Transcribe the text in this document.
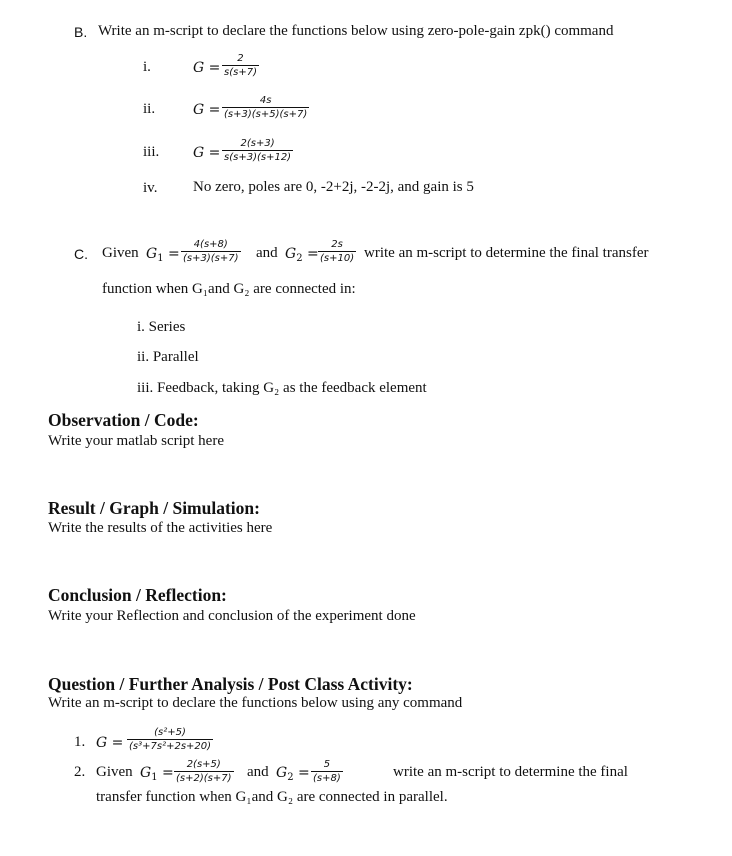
B. Write an m-script to declare the functions below using zero-pole-gain zpk() command
i.	G =
2
s(s+7)
ii.	G =
4s
(s+3)(s+5)(s+7)
iii. G =
2(s+3)
s(s+3)(s+12)
iv. No zero, poles are 0, -2+2j, -2-2j, and gain is 5
C. Given $G_1$ =
4(s+8)
(s+3)(s+7) and $G_2$ =
2s
(s+10) write an m-script to determine the final transfer
function when G₁and G₂ are connected in:
i. Series
ii. Parallel
iii. Feedback, taking G₂ as the feedback element
Observation / Code:
Write your matlab script here
Result / Graph / Simulation:
Write the results of the activities here
Conclusion / Reflection:
Write your Reflection and conclusion of the experiment done
Question / Further Analysis / Post Class Activity:
Write an m-script to declare the functions below using any command
1. G =
(s²+5)
(s³+7s²+2s+20)
2. Given $G_1$ =
2(s+5)
(s+2)(s+7) and $G_2$ =
5
(s+8)	write an m-script to determine the final
transfer function when G₁and G₂ are connected in parallel.
